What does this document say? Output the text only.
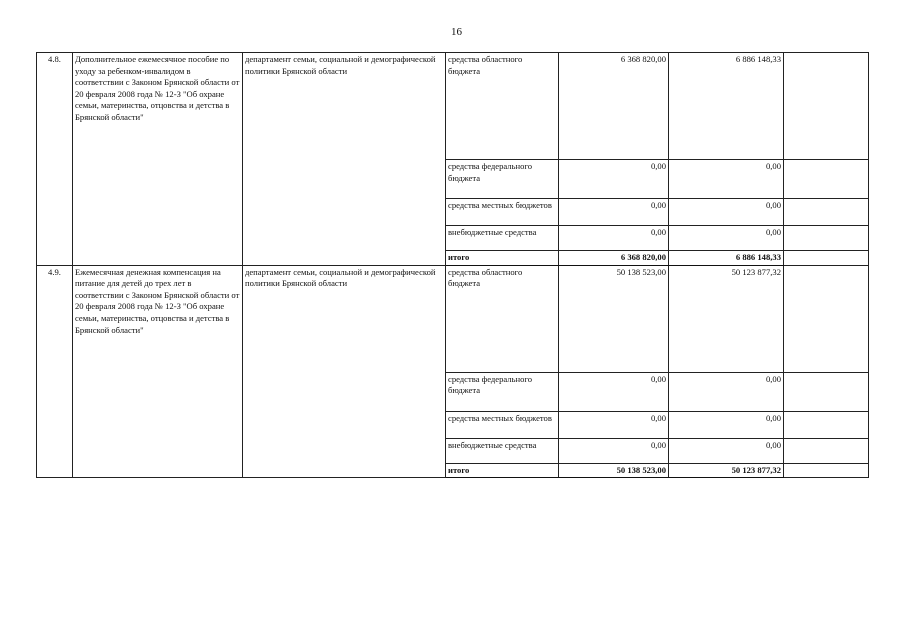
16
4.8.	Дополнительное ежемесячное пособие по уходу за ребенком-инвалидом в соответствии с Законом Брянской области от 20 февраля 2008 года № 12-З "Об охране семьи, материнства, отцовства и детства в Брянской области"	департамент семьи, социальной и демографической политики Брянской области	средства областного бюджета	6 368 820,00	6 886 148,33	
			средства федерального бюджета	0,00	0,00	
			средства местных бюджетов	0,00	0,00	
			внебюджетные средства	0,00	0,00	
			итого	6 368 820,00	6 886 148,33	
4.9.	Ежемесячная денежная компенсация на питание для детей до трех лет в соответствии с Законом Брянской области от 20 февраля 2008 года № 12-З "Об охране семьи, материнства, отцовства и детства в Брянской области"	департамент семьи, социальной и демографической политики Брянской области	средства областного бюджета	50 138 523,00	50 123 877,32	
			средства федерального бюджета	0,00	0,00	
			средства местных бюджетов	0,00	0,00	
			внебюджетные средства	0,00	0,00	
			итого	50 138 523,00	50 123 877,32	
